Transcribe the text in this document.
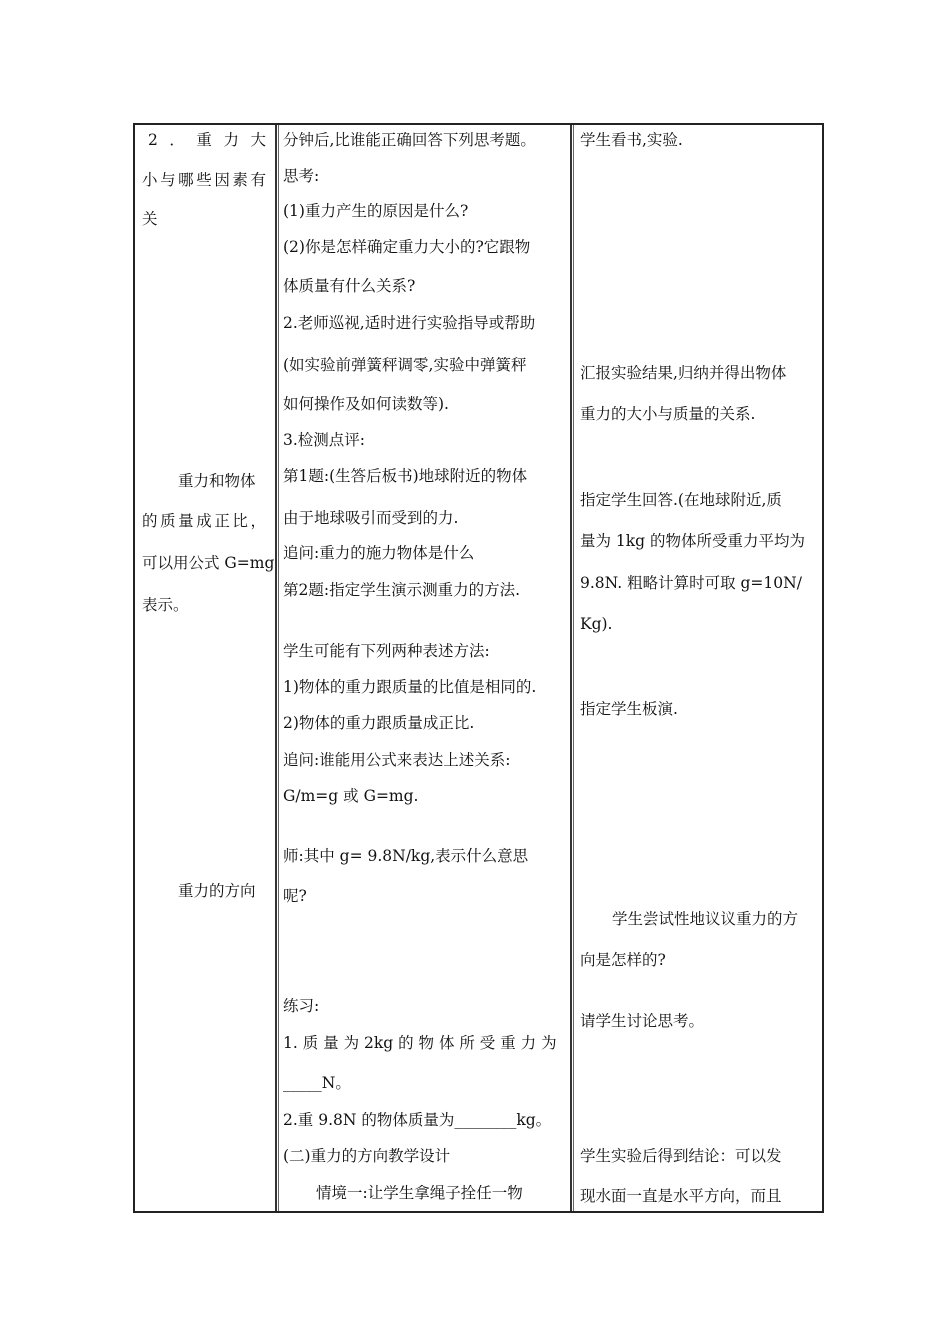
2．重力大
小与哪些因素有
关
重力和物体
的质量成正比，
可以用公式 G=mg
表示。
重力的方向
分钟后,比谁能正确回答下列思考题。
思考:
(1)重力产生的原因是什么?
(2)你是怎样确定重力大小的?它跟物
体质量有什么关系?
2.老师巡视,适时进行实验指导或帮助
(如实验前弹簧秤调零,实验中弹簧秤
如何操作及如何读数等).
3.检测点评:
第1题:(生答后板书)地球附近的物体
由于地球吸引而受到的力.
追问:重力的施力物体是什么
第2题:指定学生演示测重力的方法.
学生可能有下列两种表述方法:
1)物体的重力跟质量的比值是相同的.
2)物体的重力跟质量成正比.
追问:谁能用公式来表达上述关系:
G/m=g 或 G=mg.
师:其中 g= 9.8N/kg,表示什么意思
呢?
练习:
1. 质 量 为 2kg 的 物 体 所 受 重 力 为
_____N。
2.重 9.8N 的物体质量为________kg。
(二)重力的方向教学设计
情境一:让学生拿绳子拴任一物
学生看书,实验.
汇报实验结果,归纳并得出物体
重力的大小与质量的关系.
指定学生回答.(在地球附近,质
量为 1kg 的物体所受重力平均为
9.8N. 粗略计算时可取 g=10N/
Kg).
指定学生板演.
学生尝试性地议议重力的方
向是怎样的?
请学生讨论思考。
学生实验后得到结论：可以发
现水面一直是水平方向，而且
